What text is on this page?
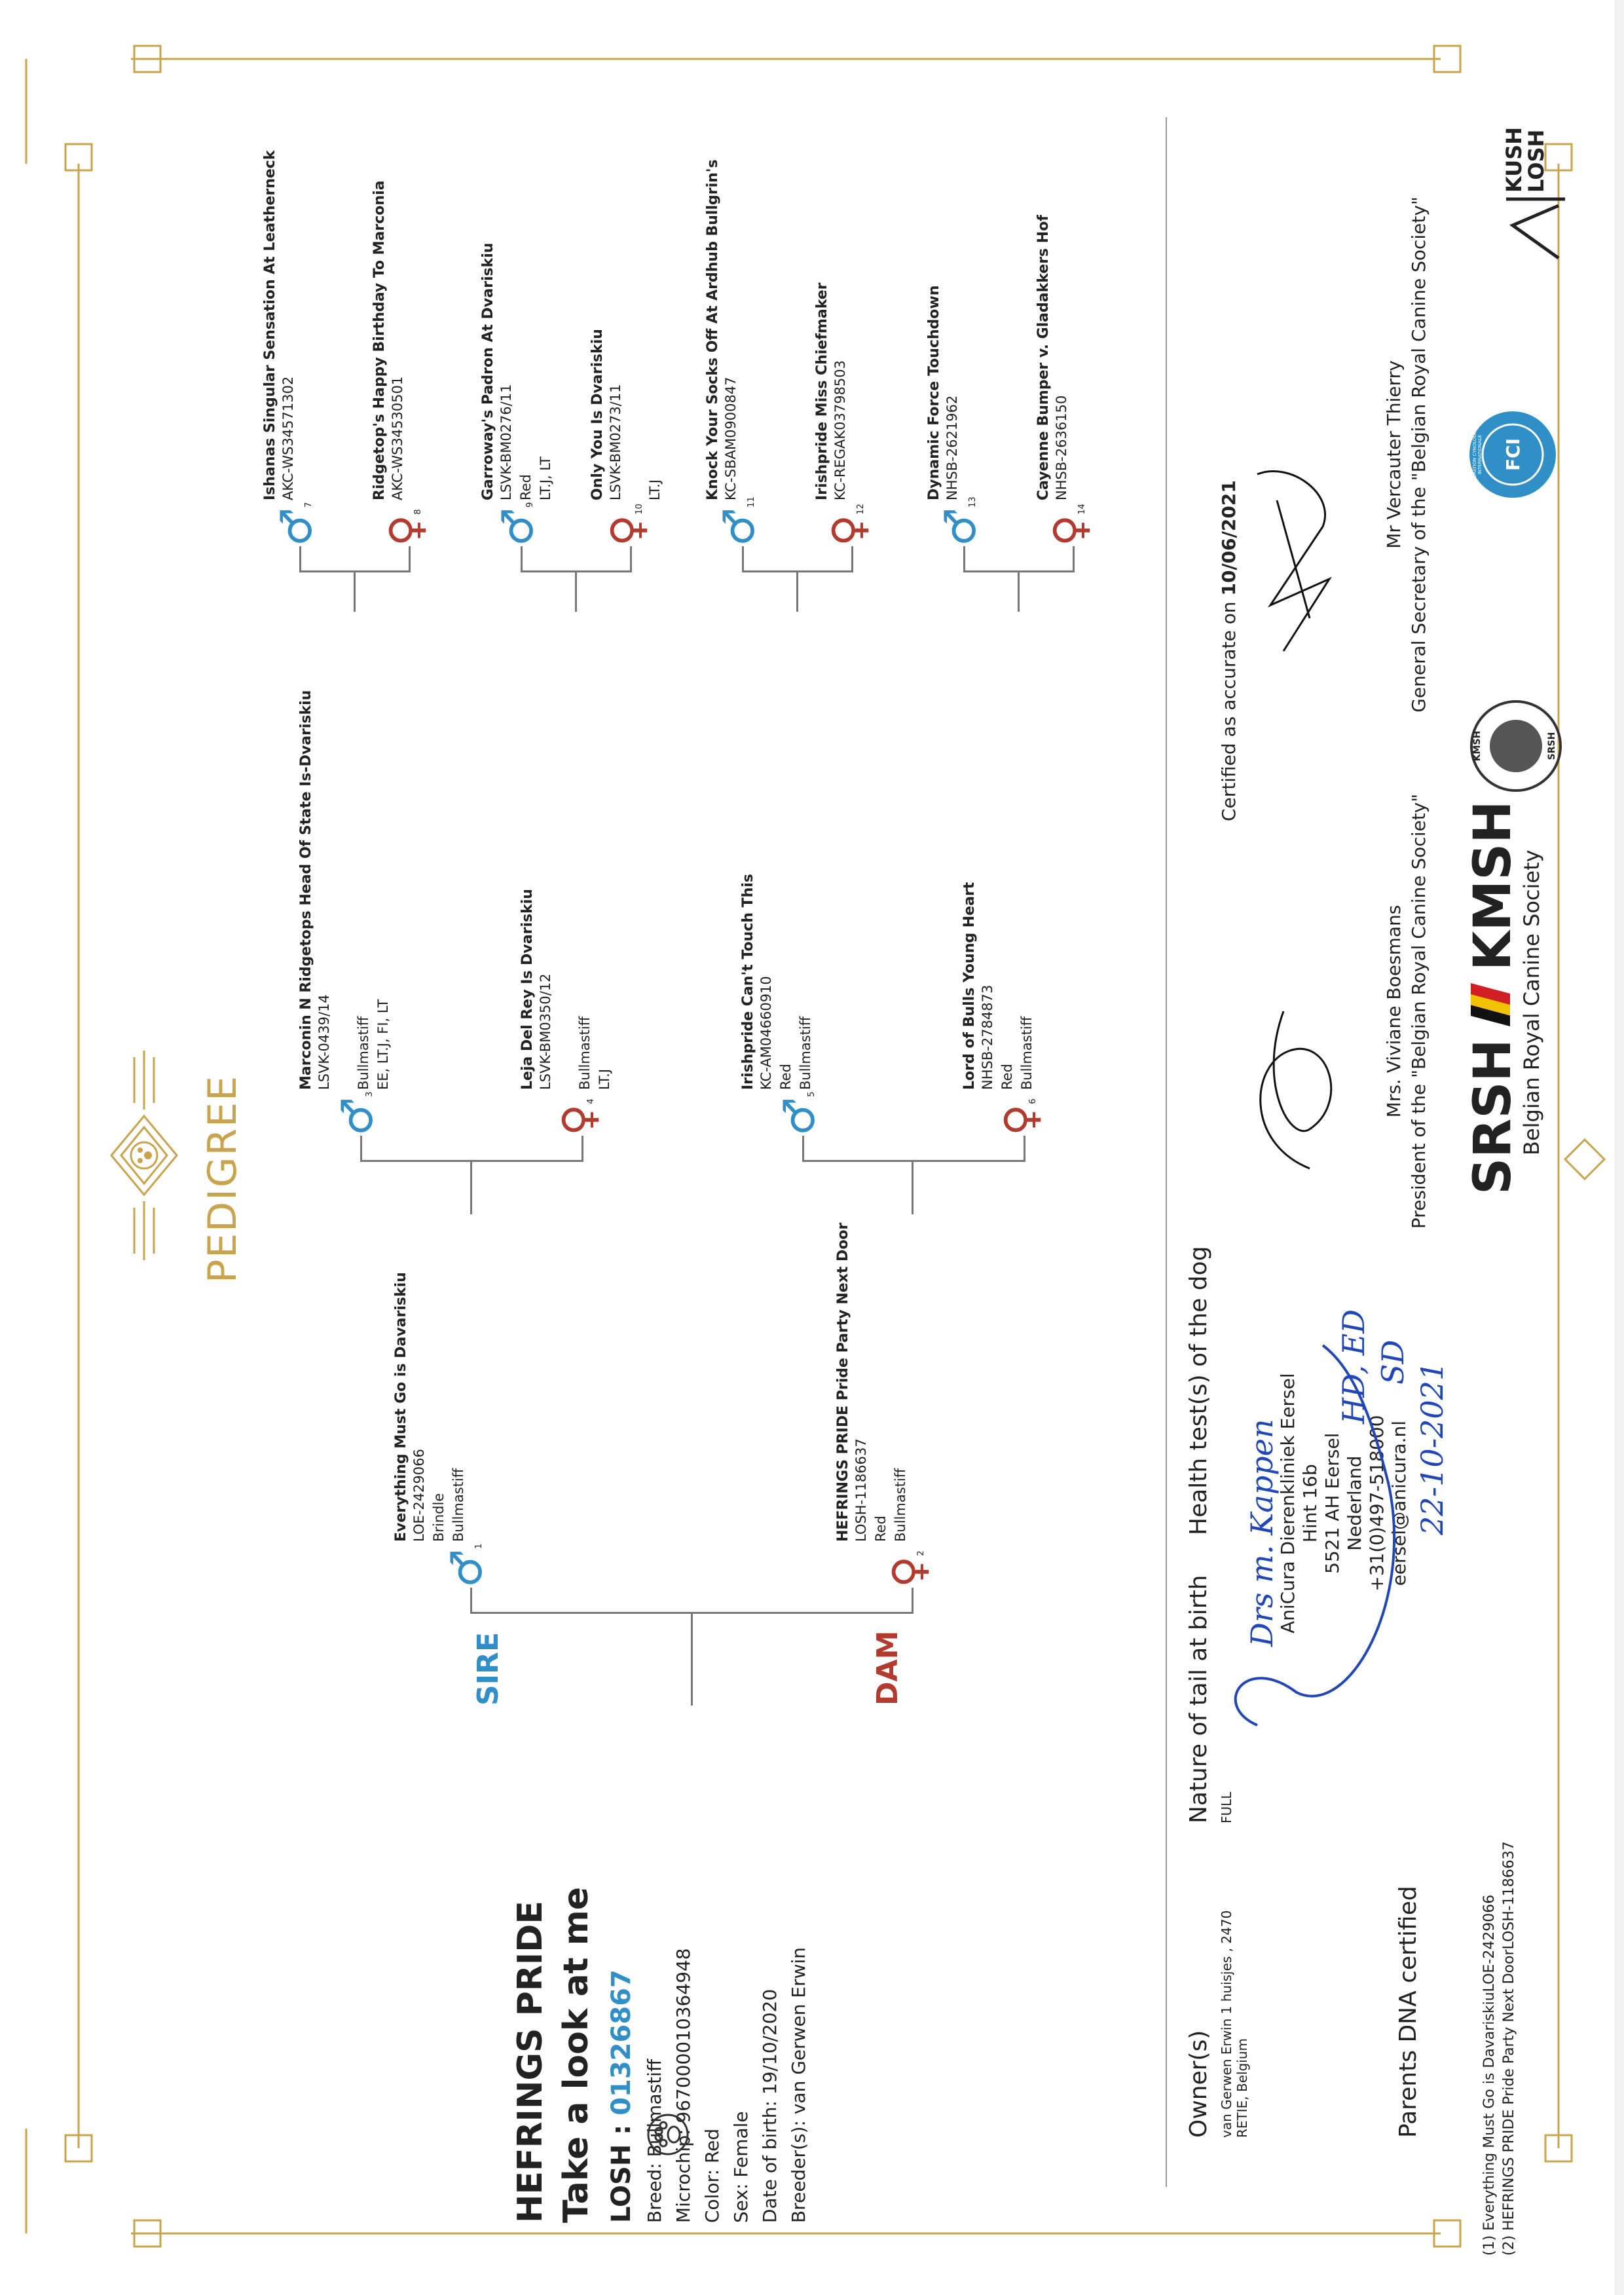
PEDIGREE
HEFRINGS PRIDE Take a look at me LOSH : 01326867
Breed: Bullmastiff Microchip: 967000010364948 Color: Red Sex: Female Date of birth: 19/10/2020 Breeder(s): van Gerwen Erwin
SIRE	DAM
♂1
Everything Must Go is Davariskiu LOE-2429066 Brindle Bullmastiff
♀2
HEFRINGS PRIDE Pride Party Next Door LOSH-1186637 Red Bullmastiff
♂3
Marconin N Ridgetops Head Of State Is-Dvariskiu LSVK-0439/14 Bullmastiff EE, LT.J, FI, LT
♀4
Leja Del Rey Is Dvariskiu LSVK-BM0350/12 Bullmastiff LT.J
♂5
Irishpride Can't Touch This KC-AM04660910 Red Bullmastiff
♀6
Lord of Bulls Young Heart NHSB-2784873 Red Bullmastiff
♂7
Ishanas Singular Sensation At Leatherneck AKC-WS34571302
♀8
Ridgetop's Happy Birthday To Marconia AKC-WS34530501
♂9
Garroway's Padron At Dvariskiu LSVK-BM0276/11 Red LT.J, LT
♀10
Only You Is Dvariskiu LSVK-BM0273/11 LT.J
♂11
Knock Your Socks Off At Ardhub Bullgrin's KC-SBAM0900847
♀12
Irishpride Miss Chiefmaker KC-REGAK03798503
♂13
Dynamic Force Touchdown NHSB-2621962
♀14
Cayenne Bumper v. Gladakkers Hof NHSB-2636150
Owner(s) van Gerwen Erwin 1 huisjes , 2470 RETIE, Belgium
Nature of tail at birth FULL
Health test(s) of the dog	AniCura Dierenkliniek Eersel Hint 16b 5521 AH Eersel Nederland +31(0)497-518000 eersel@anicura.nl
Drs m. Kappen
HD, ED SD 22-10-2021
Parents DNA certified	(1) Everything Must Go is DavariskiuLOE-2429066 (2) HEFRINGS PRIDE Pride Party Next DoorLOSH-1186637
Certified as accurate on 10/06/2021
Mrs. Viviane Boesmans President of the "Belgian Royal Canine Society"
Mr Vercauter Thierry General Secretary of the "Belgian Royal Canine Society"
SRSH  KMSH
Belgian Royal Canine Society
KMSH	SRSH
FCI
FEDERATION CYNOLOGIQUE INTERNATIONALE
KUSH
LOSH
